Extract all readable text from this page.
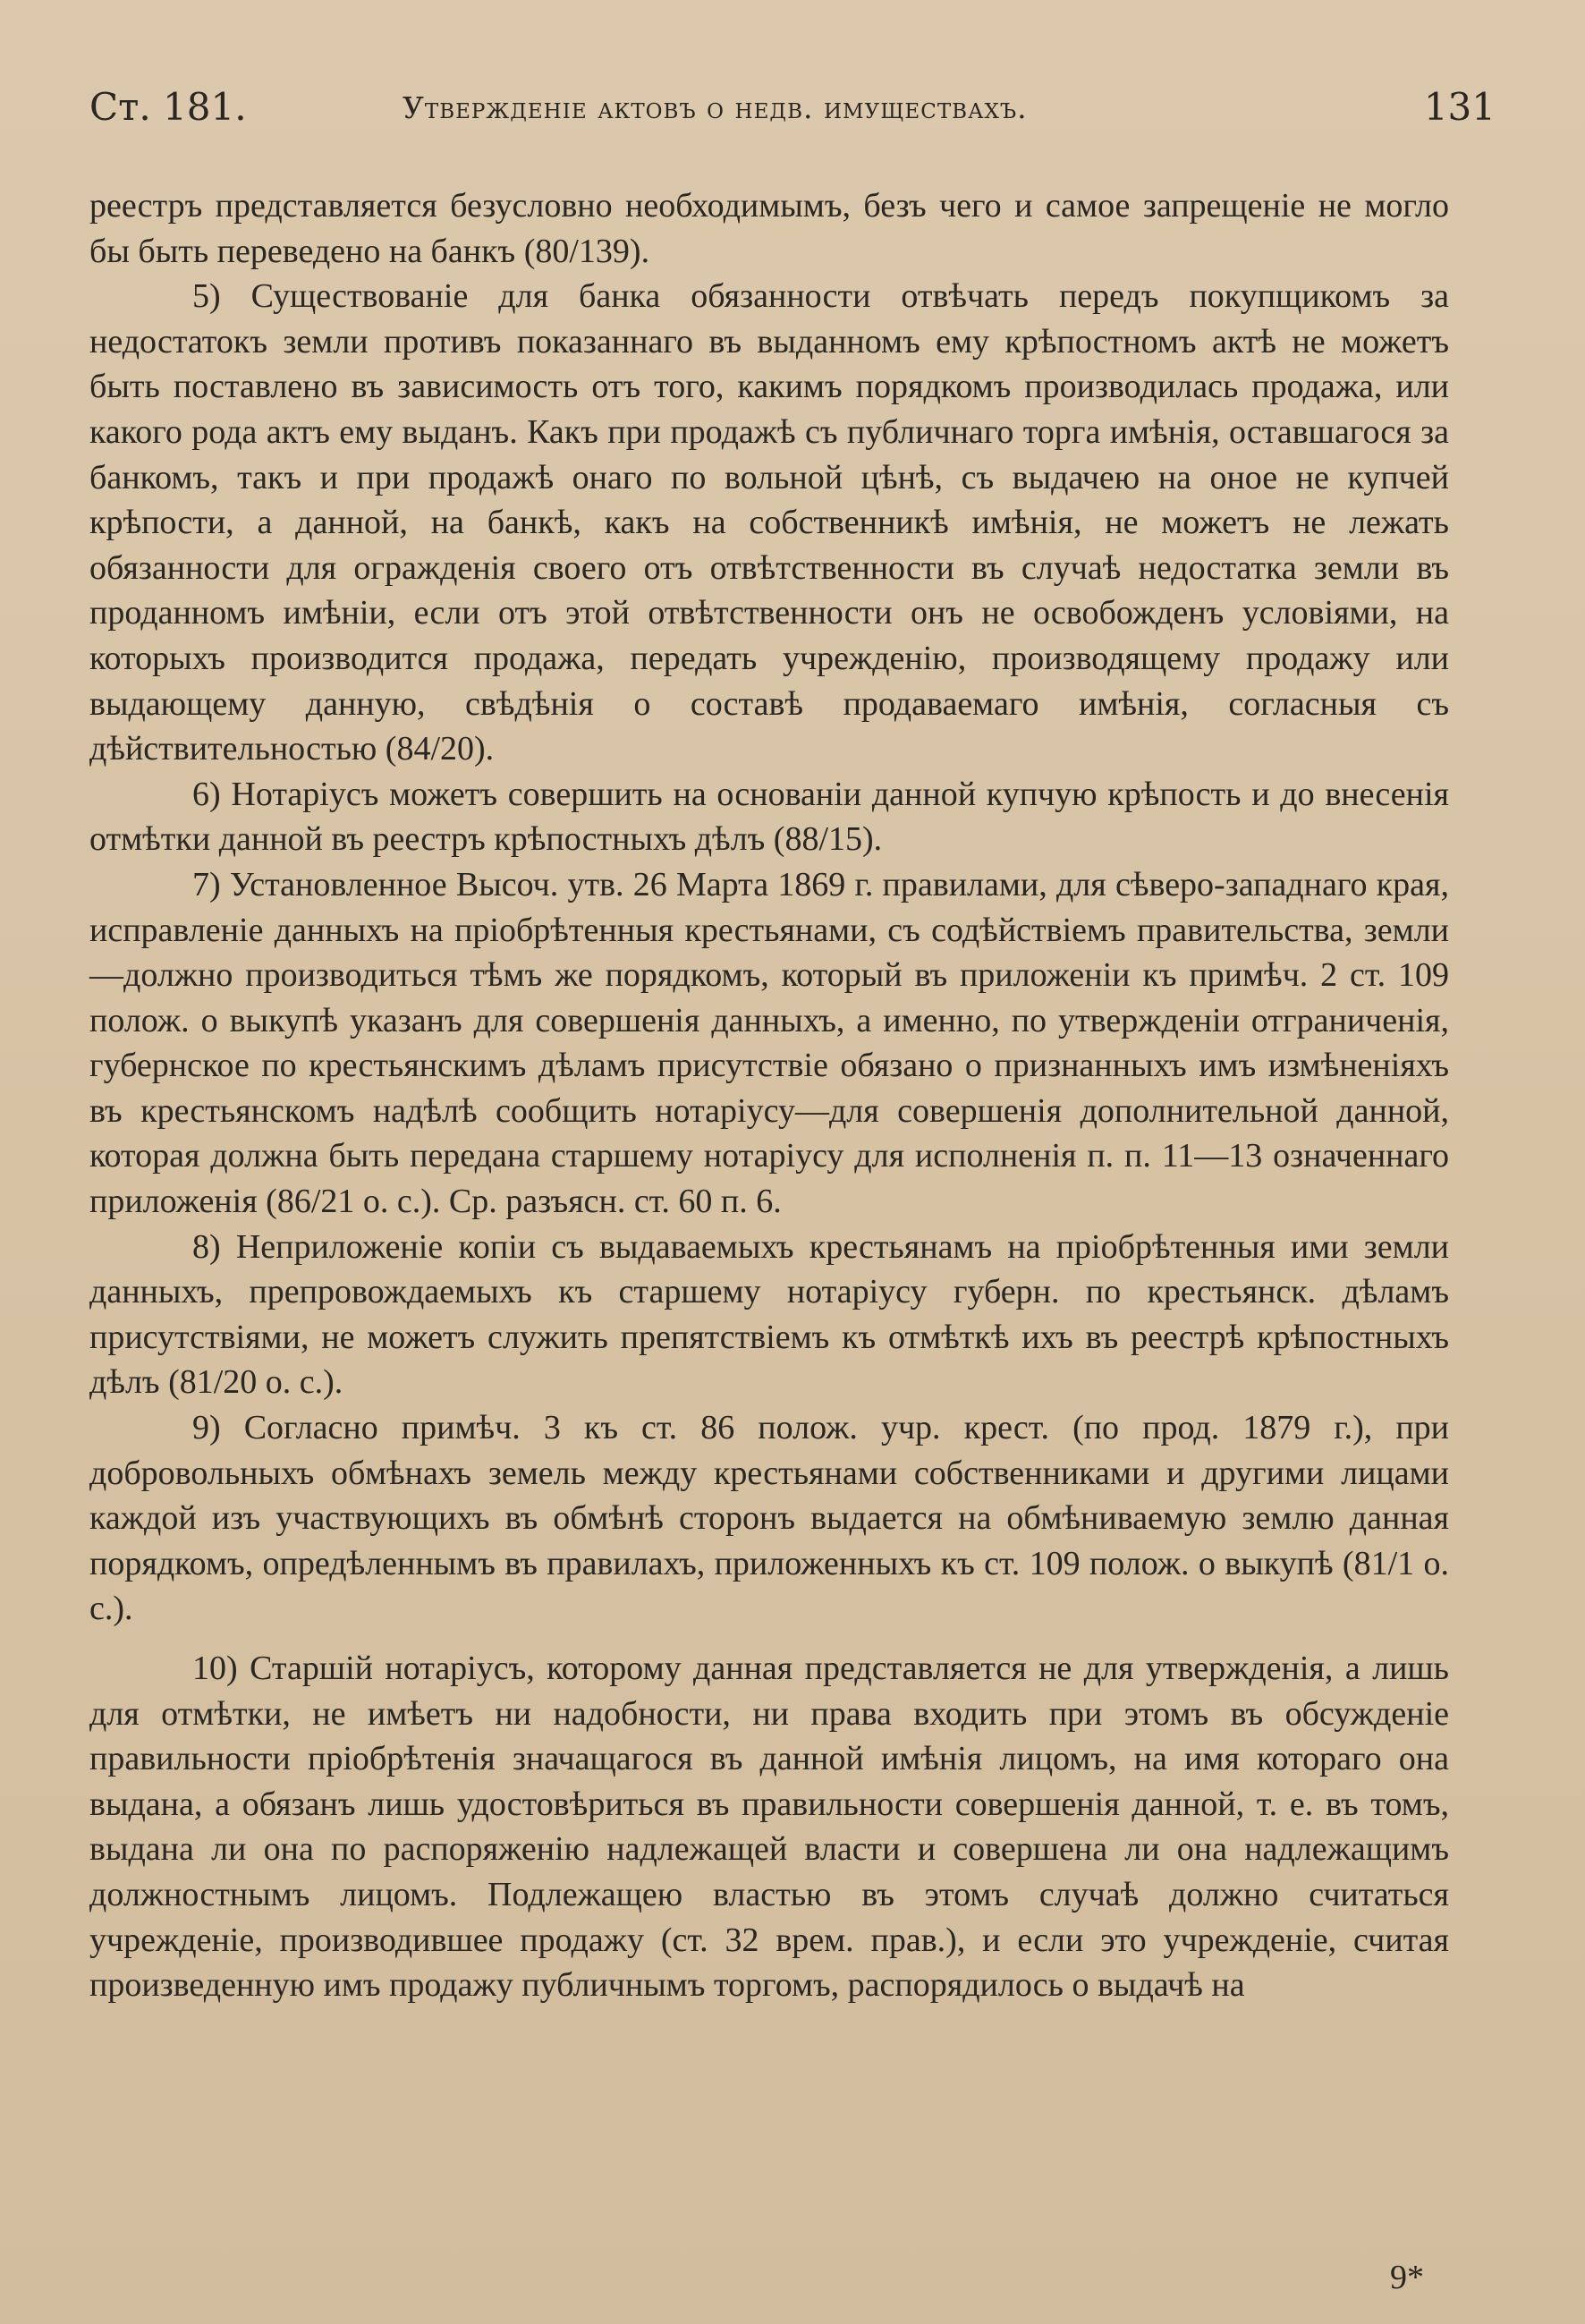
Ст. 181.	Утвержденіе актовъ о недв. имуществахъ.	131

реестръ представляется безусловно необходимымъ, безъ чего и самое запрещеніе не могло бы быть переведено на банкъ (80/139).

5) Существованіе для банка обязанности отвѣчать передъ покупщикомъ за недостатокъ земли противъ показаннаго въ выданномъ ему крѣпостномъ актѣ не можетъ быть поставлено въ зависимость отъ того, какимъ порядкомъ производилась продажа, или какого рода актъ ему выданъ. Какъ при продажѣ съ публичнаго торга имѣнія, оставшагося за банкомъ, такъ и при продажѣ онаго по вольной цѣнѣ, съ выдачею на оное не купчей крѣпости, а данной, на банкѣ, какъ на собственникѣ имѣнія, не можетъ не лежать обязанности для огражденія своего отъ отвѣтственности въ случаѣ недостатка земли въ проданномъ имѣніи, если отъ этой отвѣтственности онъ не освобожденъ условіями, на которыхъ производится продажа, передать учрежденію, производящему продажу или выдающему данную, свѣдѣнія о составѣ продаваемаго имѣнія, согласныя съ дѣйствительностью (84/20).

6) Нотаріусъ можетъ совершить на основаніи данной купчую крѣпость и до внесенія отмѣтки данной въ реестръ крѣпостныхъ дѣлъ (88/15).

7) Установленное Высоч. утв. 26 Марта 1869 г. правилами, для сѣверо-западнаго края, исправленіе данныхъ на пріобрѣтенныя крестьянами, съ содѣйствіемъ правительства, земли—должно производиться тѣмъ же порядкомъ, который въ приложеніи къ примѣч. 2 ст. 109 полож. о выкупѣ указанъ для совершенія данныхъ, а именно, по утвержденіи отграниченія, губернское по крестьянскимъ дѣламъ присутствіе обязано о признанныхъ имъ измѣненіяхъ въ крестьянскомъ надѣлѣ сообщить нотаріусу—для совершенія дополнительной данной, которая должна быть передана старшему нотаріусу для исполненія п. п. 11—13 означеннаго приложенія (86/21 о. с.). Ср. разъясн. ст. 60 п. 6.

8) Неприложеніе копіи съ выдаваемыхъ крестьянамъ на пріобрѣтенныя ими земли данныхъ, препровождаемыхъ къ старшему нотаріусу губерн. по крестьянск. дѣламъ присутствіями, не можетъ служить препятствіемъ къ отмѣткѣ ихъ въ реестрѣ крѣпостныхъ дѣлъ (81/20 о. с.).

9) Согласно примѣч. 3 къ ст. 86 полож. учр. крест. (по прод. 1879 г.), при добровольныхъ обмѣнахъ земель между крестьянами собственниками и другими лицами каждой изъ участвующихъ въ обмѣнѣ сторонъ выдается на обмѣниваемую землю данная порядкомъ, опредѣленнымъ въ правилахъ, приложенныхъ къ ст. 109 полож. о выкупѣ (81/1 о. с.).

10) Старшій нотаріусъ, которому данная представляется не для утвержденія, а лишь для отмѣтки, не имѣетъ ни надобности, ни права входить при этомъ въ обсужденіе правильности пріобрѣтенія значащагося въ данной имѣнія лицомъ, на имя котораго она выдана, а обязанъ лишь удостовѣриться въ правильности совершенія данной, т. е. въ томъ, выдана ли она по распоряженію надлежащей власти и совершена ли она надлежащимъ должностнымъ лицомъ. Подлежащею властью въ этомъ случаѣ должно считаться учрежденіе, производившее продажу (ст. 32 врем. прав.), и если это учрежденіе, считая произведенную имъ продажу публичнымъ торгомъ, распорядилось о выдачѣ на

9*
